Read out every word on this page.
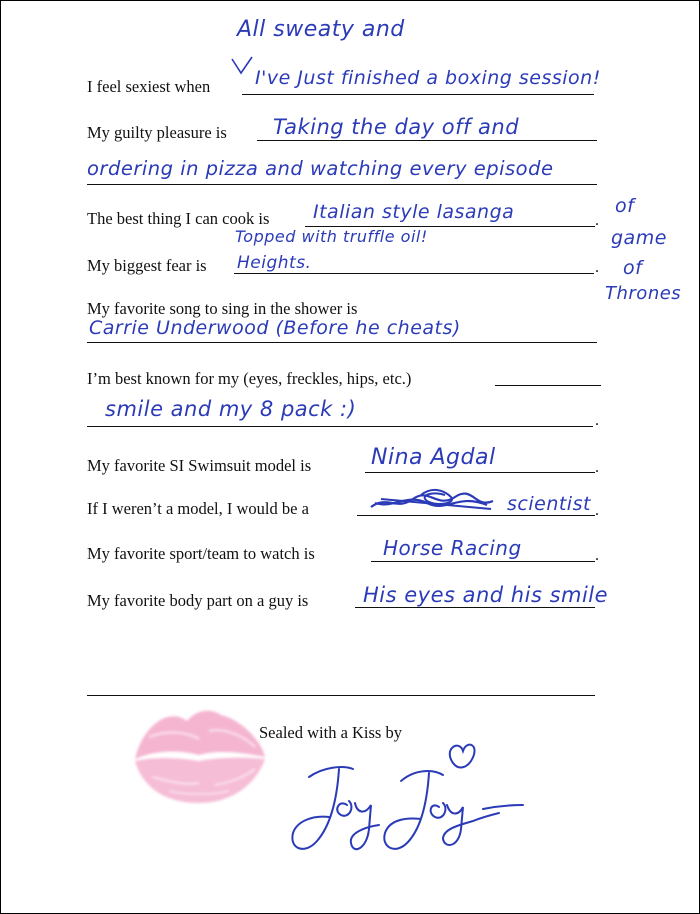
All sweaty and
I feel sexiest when I've Just finished a boxing session!
My guilty pleasure is Taking the day off and
ordering in pizza and watching every episode
of
game
of
Thrones
The best thing I can cook is	.
Italian style lasanga
Topped with truffle oil!
My biggest fear is	.
Heights.
My favorite song to sing in the shower is
Carrie Underwood (Before he cheats)
I’m best known for my (eyes, freckles, hips, etc.)
.
smile and my 8 pack :)
My favorite SI Swimsuit model is	.
Nina Agdal
If I weren’t a model, I would be a	.
scientist
My favorite sport/team to watch is	.
Horse Racing
My favorite body part on a guy is	His eyes and his smile
Sealed with a Kiss by
